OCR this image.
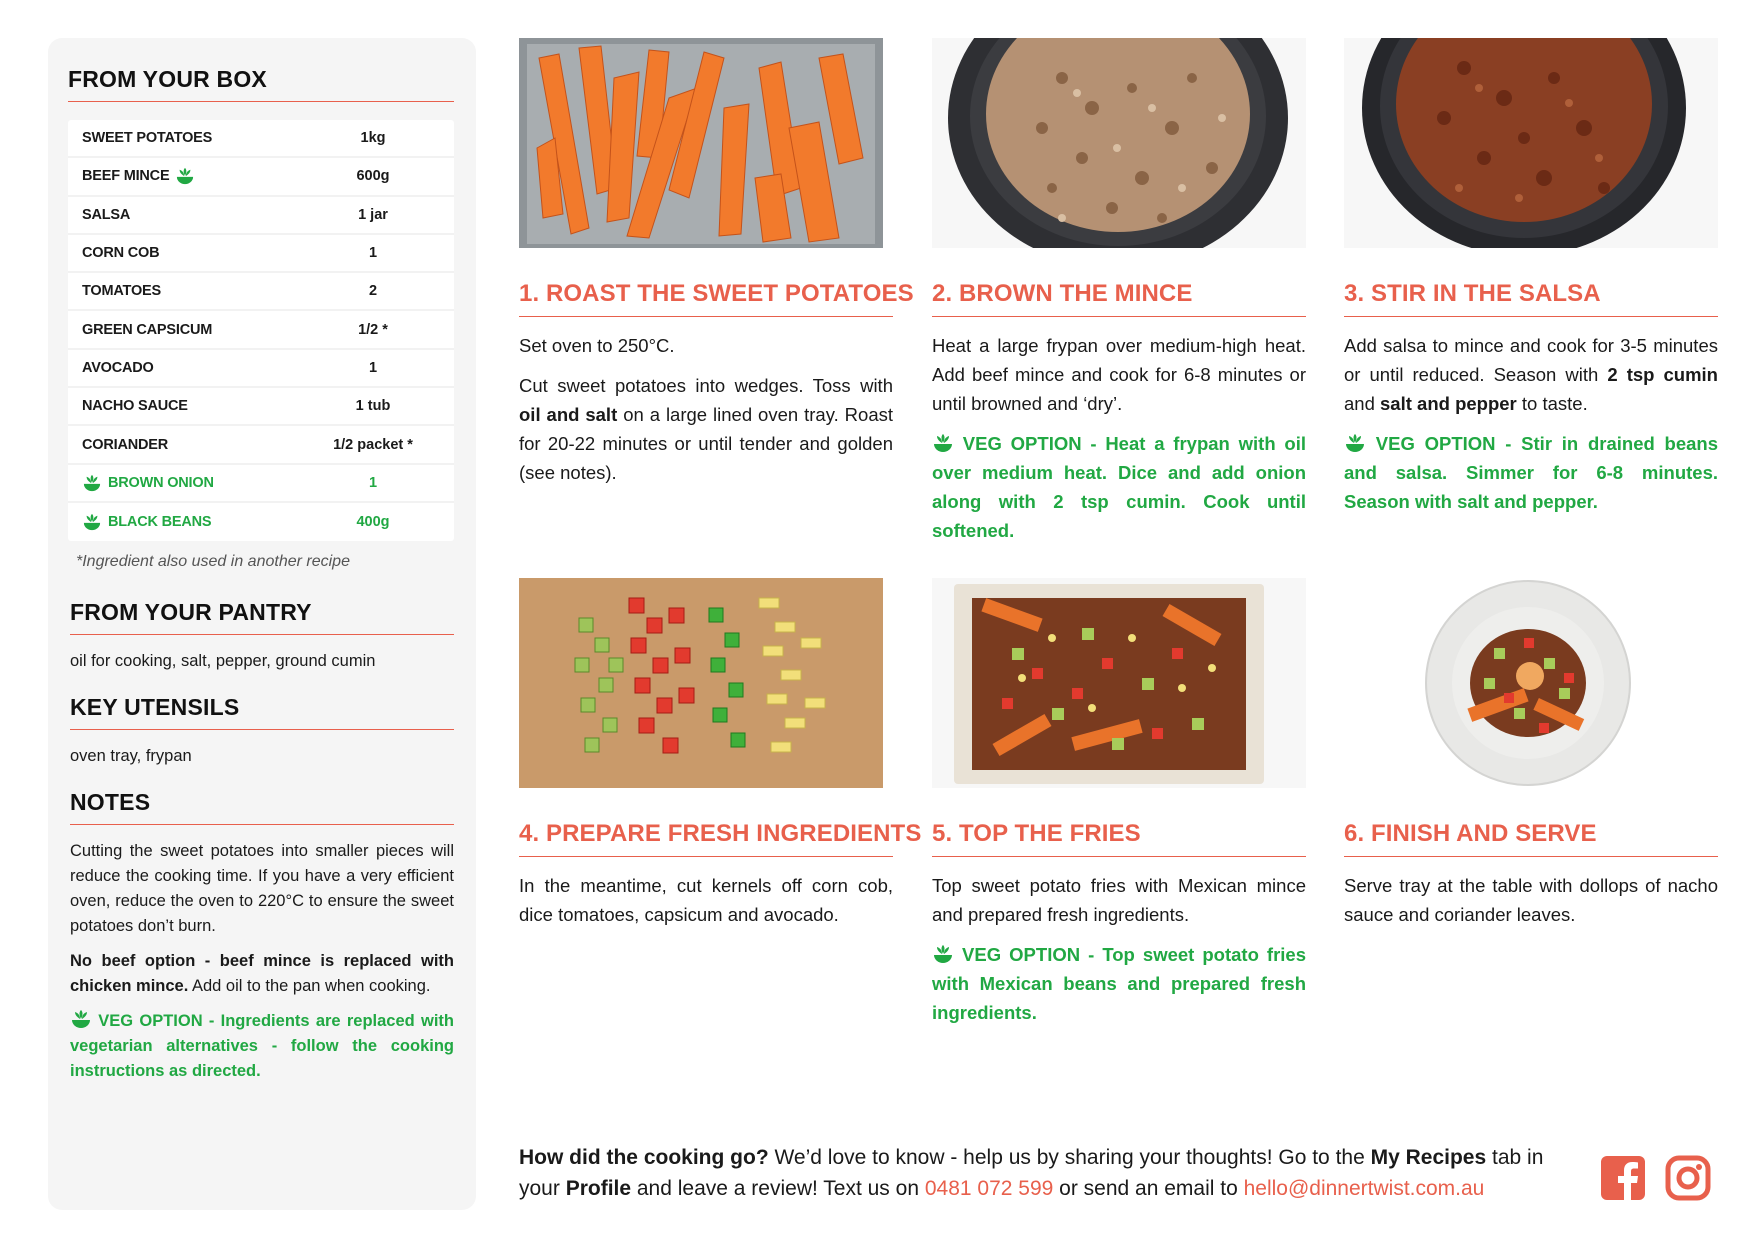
FROM YOUR BOX
SWEET POTATOES	1kg
BEEF MINCE	600g
SALSA	1 jar
CORN COB	1
TOMATOES	2
GREEN CAPSICUM	1/2 *
AVOCADO	1
NACHO SAUCE	1 tub
CORIANDER	1/2 packet *
BROWN ONION	1
BLACK BEANS	400g
*Ingredient also used in another recipe
FROM YOUR PANTRY
oil for cooking, salt, pepper, ground cumin
KEY UTENSILS
oven tray, frypan
NOTES

Cutting the sweet potatoes into smaller pieces will reduce the cooking time. If you have a very efficient oven, reduce the oven to 220°C to ensure the sweet potatoes don’t burn.

No beef option - beef mince is replaced with chicken mince. Add oil to the pan when cooking.

VEG OPTION - Ingredients are replaced with vegetarian alternatives - follow the cooking instructions as directed.

1. ROAST THE SWEET POTATOES

Set oven to 250°C.

Cut sweet potatoes into wedges. Toss with oil and salt on a large lined oven tray. Roast for 20-22 minutes or until tender and golden (see notes).

2. BROWN THE MINCE

Heat a large frypan over medium-high heat. Add beef mince and cook for 6-8 minutes or until browned and ‘dry’.

VEG OPTION - Heat a frypan with oil over medium heat. Dice and add onion along with 2 tsp cumin. Cook until softened.

3. STIR IN THE SALSA

Add salsa to mince and cook for 3-5 minutes or until reduced. Season with 2 tsp cumin and salt and pepper to taste.

VEG OPTION - Stir in drained beans and salsa. Simmer for 6-8 minutes. Season with salt and pepper.

4. PREPARE FRESH INGREDIENTS

In the meantime, cut kernels off corn cob, dice tomatoes, capsicum and avocado.

5. TOP THE FRIES

Top sweet potato fries with Mexican mince and prepared fresh ingredients.

VEG OPTION - Top sweet potato fries with Mexican beans and prepared fresh ingredients.

6. FINISH AND SERVE

Serve tray at the table with dollops of nacho sauce and coriander leaves.

How did the cooking go? We’d love to know - help us by sharing your thoughts! Go to the My Recipes tab in your Profile and leave a review! Text us on 0481 072 599 or send an email to hello@dinnertwist.com.au
